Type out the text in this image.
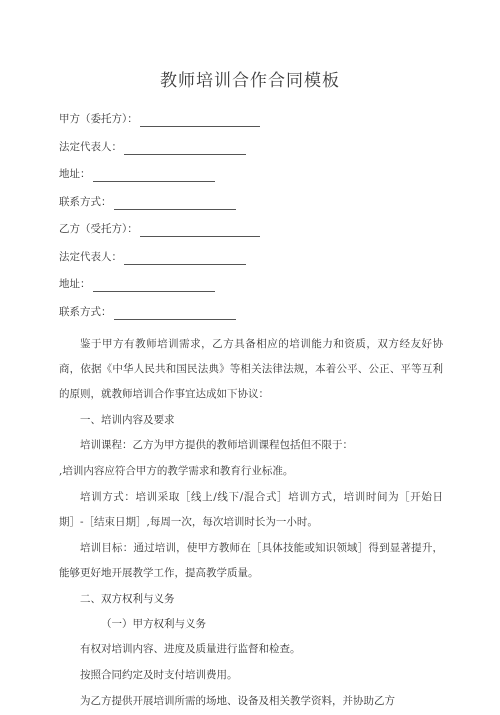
教师培训合作合同模板
甲方（委托方）：
法定代表人：
地址：
联系方式：
乙方（受托方）：
法定代表人：
地址：
联系方式：
鉴于甲方有教师培训需求，乙方具备相应的培训能力和资质，双方经友好协商，依据《中华人民共和国民法典》等相关法律法规，本着公平、公正、平等互利的原则，就教师培训合作事宜达成如下协议：
一、培训内容及要求
培训课程：乙方为甲方提供的教师培训课程包括但不限于：
,培训内容应符合甲方的教学需求和教育行业标准。
培训方式：培训采取［线上/线下/混合式］培训方式，培训时间为［开始日期］-［结束日期］,每周一次，每次培训时长为一小时。
培训目标：通过培训，使甲方教师在［具体技能或知识领域］得到显著提升，能够更好地开展教学工作，提高教学质量。
二、双方权利与义务
（一）甲方权利与义务
有权对培训内容、进度及质量进行监督和检查。
按照合同约定及时支付培训费用。
为乙方提供开展培训所需的场地、设备及相关教学资料，并协助乙方
